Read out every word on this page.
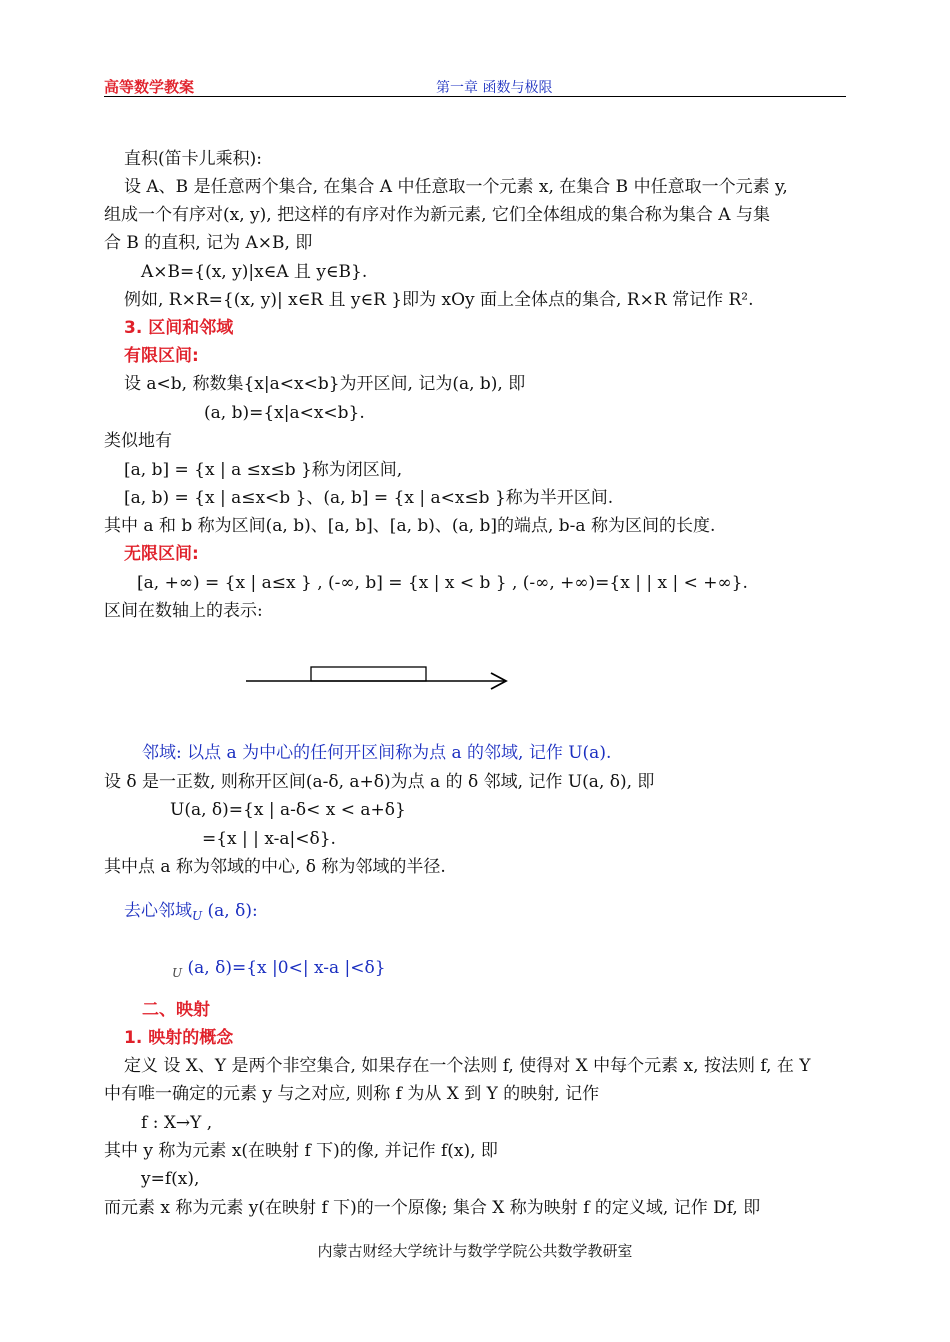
高等数学教案	第一章 函数与极限
直积(笛卡儿乘积):
设 A、B 是任意两个集合, 在集合 A 中任意取一个元素 x, 在集合 B 中任意取一个元素 y,
组成一个有序对(x, y), 把这样的有序对作为新元素, 它们全体组成的集合称为集合 A 与集
合 B 的直积, 记为 A×B, 即
A×B={(x, y)|x∈A 且 y∈B}.
例如, R×R={(x, y)| x∈R 且 y∈R }即为 xOy 面上全体点的集合, R×R 常记作 R².
3. 区间和邻域
有限区间:
设 a<b, 称数集{x|a<x<b}为开区间, 记为(a, b), 即
(a, b)={x|a<x<b}.
类似地有
[a, b] = {x | a ≤x≤b }称为闭区间,
[a, b) = {x | a≤x<b }、(a, b] = {x | a<x≤b }称为半开区间.
其中 a 和 b 称为区间(a, b)、[a, b]、[a, b)、(a, b]的端点, b-a 称为区间的长度.
无限区间:
[a, +∞) = {x | a≤x } , (-∞, b] = {x | x < b } , (-∞, +∞)={x | | x | < +∞}.
区间在数轴上的表示:
邻域: 以点 a 为中心的任何开区间称为点 a 的邻域, 记作 U(a).
设 δ 是一正数, 则称开区间(a-δ, a+δ)为点 a 的 δ 邻域, 记作 U(a, δ), 即
U(a, δ)={x | a-δ< x < a+δ}
={x | | x-a|<δ}.
其中点 a 称为邻域的中心, δ 称为邻域的半径.
去心邻域$_U$ (a, δ):
$_U$ (a, δ)={x |0<| x-a |<δ}
二、映射
1. 映射的概念
定义 设 X、Y 是两个非空集合, 如果存在一个法则 f, 使得对 X 中每个元素 x, 按法则 f, 在 Y
中有唯一确定的元素 y 与之对应, 则称 f 为从 X 到 Y 的映射, 记作
f : X→Y ,
其中 y 称为元素 x(在映射 f 下)的像, 并记作 f(x), 即
y=f(x),
而元素 x 称为元素 y(在映射 f 下)的一个原像; 集合 X 称为映射 f 的定义域, 记作 Df, 即
内蒙古财经大学统计与数学学院公共数学教研室
